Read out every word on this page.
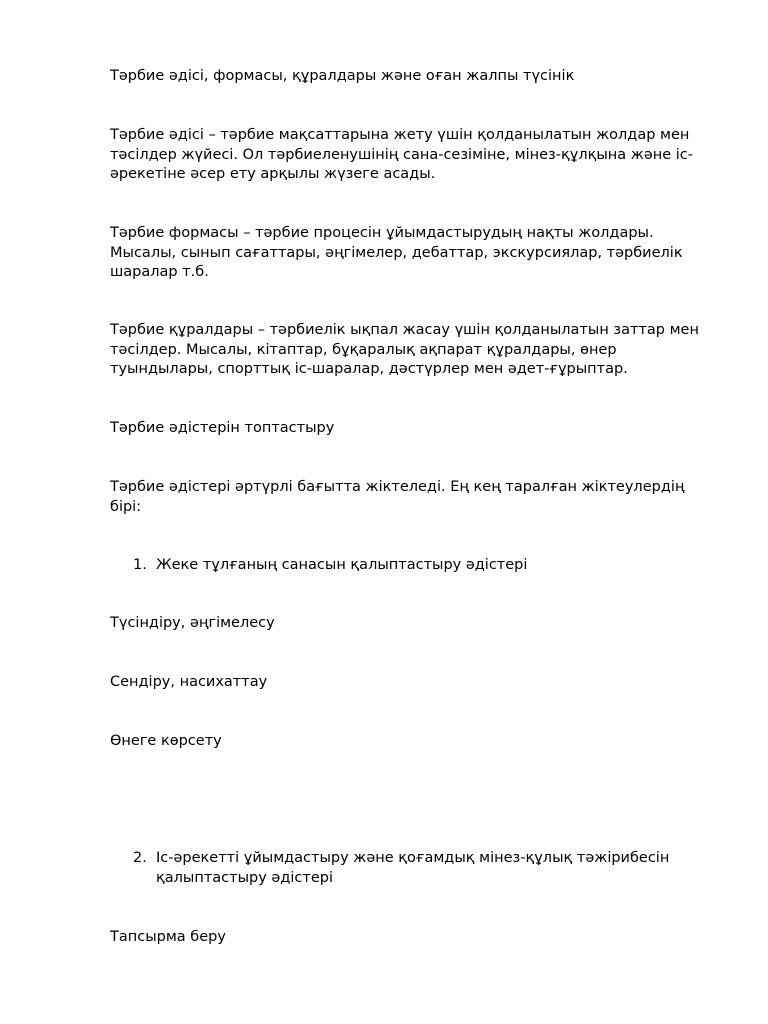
Тәрбие әдісі, формасы, құралдары және оған жалпы түсінік

Тәрбие әдісі – тәрбие мақсаттарына жету үшін қолданылатын жолдар мен тәсілдер жүйесі. Ол тәрбиеленушінің сана-сезіміне, мінез-құлқына және іс-әрекетіне әсер ету арқылы жүзеге асады.

Тәрбие формасы – тәрбие процесін ұйымдастырудың нақты жолдары. Мысалы, сынып сағаттары, әңгімелер, дебаттар, экскурсиялар, тәрбиелік шаралар т.б.

Тәрбие құралдары – тәрбиелік ықпал жасау үшін қолданылатын заттар мен тәсілдер. Мысалы, кітаптар, бұқаралық ақпарат құралдары, өнер туындылары, спорттық іс-шаралар, дәстүрлер мен әдет-ғұрыптар.

Тәрбие әдістерін топтастыру

Тәрбие әдістері әртүрлі бағытта жіктеледі. Ең кең таралған жіктеулердің бірі:

1. Жеке тұлғаның санасын қалыптастыру әдістері

Түсіндіру, әңгімелесу

Сендіру, насихаттау

Өнеге көрсету

2. Іс-әрекетті ұйымдастыру және қоғамдық мінез-құлық тәжірибесін қалыптастыру әдістері

Тапсырма беру
